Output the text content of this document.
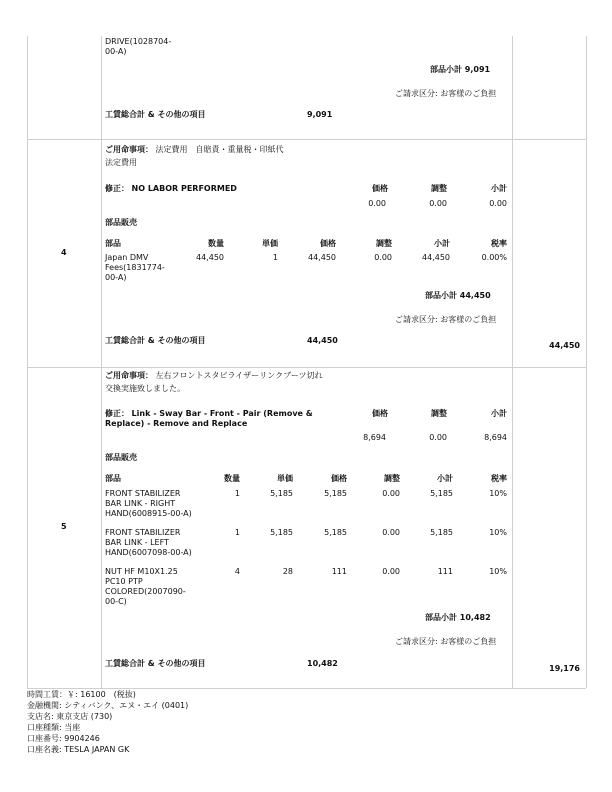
DRIVE(1028704-00-A)
部品小計 9,091
ご請求区分: お客様のご負担
工賃総合計 & その他の項目	9,091
4
ご用命事項： 法定費用　自賠責・重量税・印紙代
法定費用
修正： NO LABOR PERFORMED	価格	調整	小計
0.00	0.00	0.00
部品販売
部品	数量	単価	価格	調整	小計	税率
Japan DMV Fees(1831774-00-A)
44,450	1	44,450	0.00	44,450	0.00%
部品小計 44,450
ご請求区分: お客様のご負担
工賃総合計 & その他の項目	44,450
44,450
5
ご用命事項： 左右フロントスタビライザーリンクブーツ切れ
交換実施致しました。
修正： Link - Sway Bar - Front - Pair (Remove & Replace) - Remove and Replace
価格	調整	小計
8,694	0.00	8,694
部品販売
部品	数量	単価	価格	調整	小計	税率
FRONT STABILIZER BAR LINK - RIGHT HAND(6008915-00-A)
1	5,185	5,185	0.00	5,185	10%
FRONT STABILIZER BAR LINK - LEFT HAND(6007098-00-A)
1	5,185	5,185	0.00	5,185	10%
NUT HF M10X1.25 PC10 PTP COLORED(2007090-00-C)
4	28	111	0.00	111	10%
部品小計 10,482
ご請求区分: お客様のご負担
工賃総合計 & その他の項目	10,482
19,176
時間工賃：￥: 16100　(税抜)
金融機関: シティバンク、エヌ・エイ (0401)
支店名: 東京支店 (730)
口座種類: 当座
口座番号: 9904246
口座名義: TESLA JAPAN GK
